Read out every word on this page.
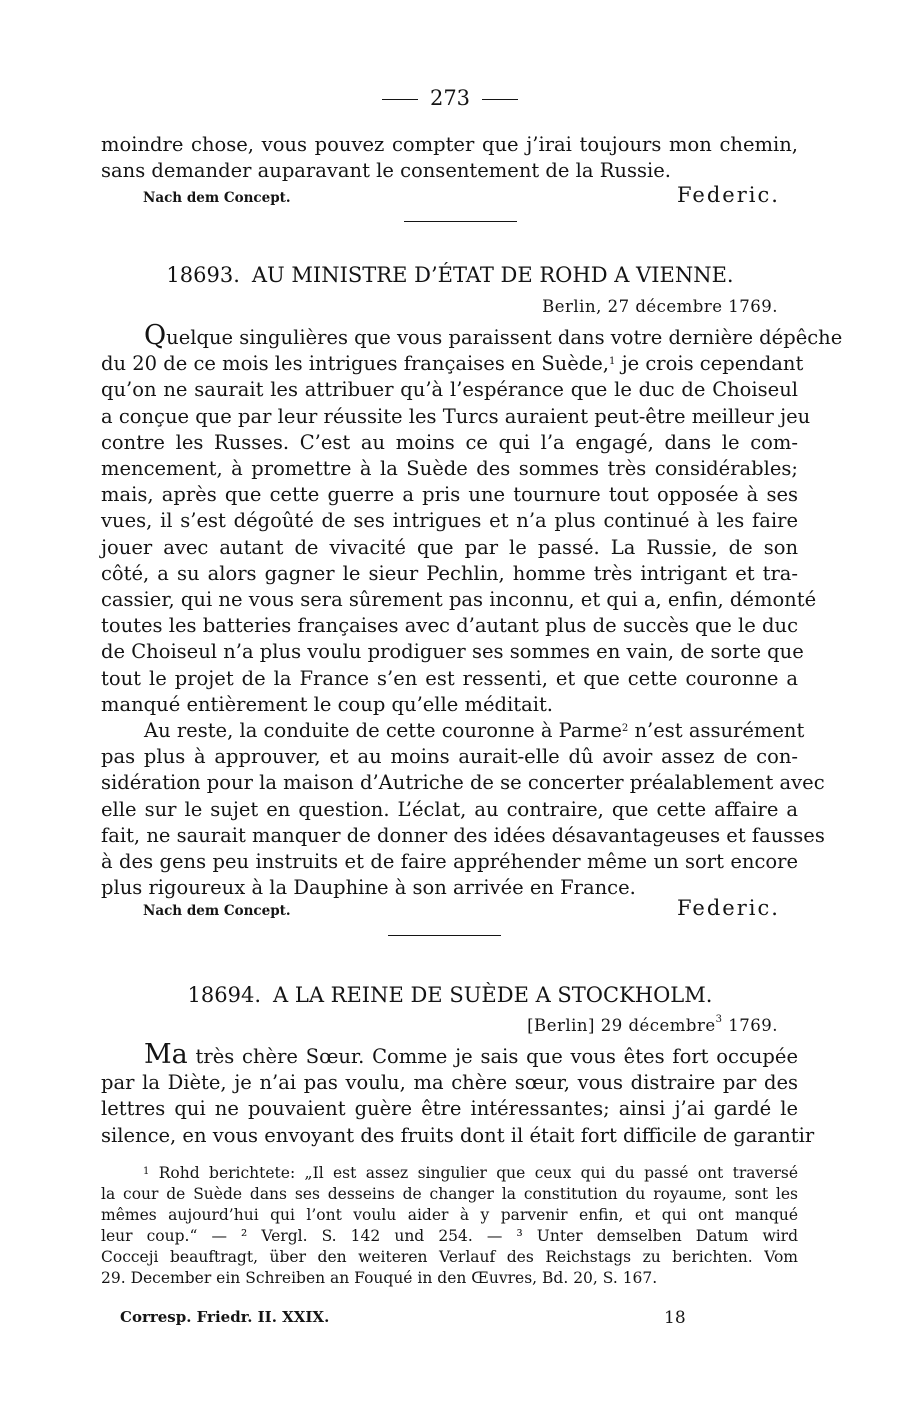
273
moindre chose, vous pouvez compter que j’irai toujours mon chemin,
sans demander auparavant le consentement de la Russie.
Nach dem Concept.	Federic.
18693. AU MINISTRE D’ÉTAT DE ROHD A VIENNE.
Berlin, 27 décembre 1769.
Quelque singulières que vous paraissent dans votre dernière dépêche
du 20 de ce mois les intrigues françaises en Suède,$^1$ je crois cependant
qu’on ne saurait les attribuer qu’à l’espérance que le duc de Choiseul
a conçue que par leur réussite les Turcs auraient peut-être meilleur jeu
contre les Russes. C’est au moins ce qui l’a engagé, dans le com-
mencement, à promettre à la Suède des sommes très considérables;
mais, après que cette guerre a pris une tournure tout opposée à ses
vues, il s’est dégoûté de ses intrigues et n’a plus continué à les faire
jouer avec autant de vivacité que par le passé. La Russie, de son
côté, a su alors gagner le sieur Pechlin, homme très intrigant et tra-
cassier, qui ne vous sera sûrement pas inconnu, et qui a, enfin, démonté
toutes les batteries françaises avec d’autant plus de succès que le duc
de Choiseul n’a plus voulu prodiguer ses sommes en vain, de sorte que
tout le projet de la France s’en est ressenti, et que cette couronne a
manqué entièrement le coup qu’elle méditait.
Au reste, la conduite de cette couronne à Parme$^2$ n’est assurément
pas plus à approuver, et au moins aurait-elle dû avoir assez de con-
sidération pour la maison d’Autriche de se concerter préalablement avec
elle sur le sujet en question. L’éclat, au contraire, que cette affaire a
fait, ne saurait manquer de donner des idées désavantageuses et fausses
à des gens peu instruits et de faire appréhender même un sort encore
plus rigoureux à la Dauphine à son arrivée en France.
Nach dem Concept.	Federic.
18694. A LA REINE DE SUÈDE A STOCKHOLM.
[Berlin] 29 décembre$^3$ 1769.
Ma très chère Sœur. Comme je sais que vous êtes fort occupée
par la Diète, je n’ai pas voulu, ma chère sœur, vous distraire par des
lettres qui ne pouvaient guère être intéressantes; ainsi j’ai gardé le
silence, en vous envoyant des fruits dont il était fort difficile de garantir
$^1$ Rohd berichtete: „Il est assez singulier que ceux qui du passé ont traversé
la cour de Suède dans ses desseins de changer la constitution du royaume, sont les
mêmes aujourd’hui qui l’ont voulu aider à y parvenir enfin, et qui ont manqué
leur coup.“ — ² Vergl. S. 142 und 254. — ³ Unter demselben Datum wird
Cocceji beauftragt, über den weiteren Verlauf des Reichstags zu berichten. Vom
29. December ein Schreiben an Fouqué in den Œuvres, Bd. 20, S. 167.
Corresp. Friedr. II. XXIX.	18
